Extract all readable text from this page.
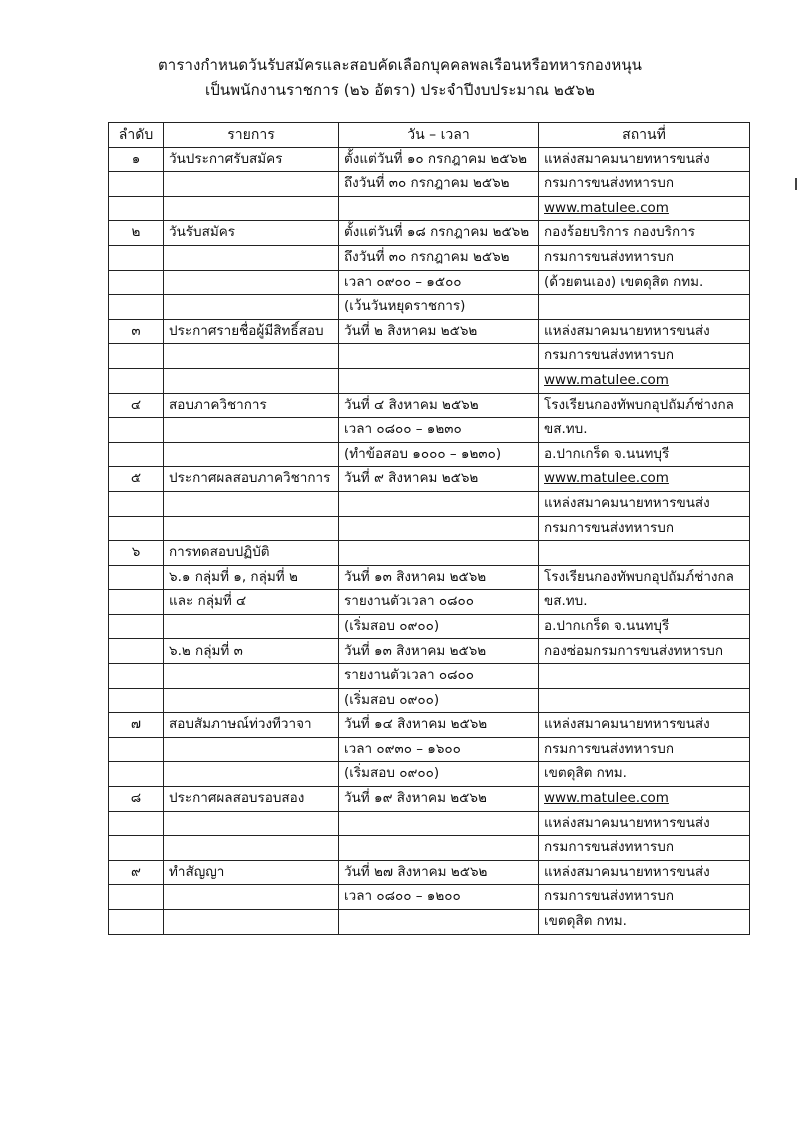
ตารางกำหนดวันรับสมัครและสอบคัดเลือกบุคคลพลเรือนหรือทหารกองหนุน
เป็นพนักงานราชการ (๒๖ อัตรา) ประจำปีงบประมาณ ๒๕๖๒
ลำดับ	รายการ	วัน – เวลา	สถานที่
๑	วันประกาศรับสมัคร	ตั้งแต่วันที่ ๑๐ กรกฎาคม ๒๕๖๒	แหล่งสมาคมนายทหารขนส่ง
		ถึงวันที่ ๓๐ กรกฎาคม ๒๕๖๒	กรมการขนส่งทหารบก
			www.matulee.com
๒	วันรับสมัคร	ตั้งแต่วันที่ ๑๘ กรกฎาคม ๒๕๖๒	กองร้อยบริการ กองบริการ
		ถึงวันที่ ๓๐ กรกฎาคม ๒๕๖๒	กรมการขนส่งทหารบก
		เวลา ๐๙๐๐ – ๑๕๐๐	(ด้วยตนเอง) เขตดุสิต กทม.
		(เว้นวันหยุดราชการ)	
๓	ประกาศรายชื่อผู้มีสิทธิ์สอบ	วันที่ ๒ สิงหาคม ๒๕๖๒	แหล่งสมาคมนายทหารขนส่ง
			กรมการขนส่งทหารบก
			www.matulee.com
๔	สอบภาควิชาการ	วันที่ ๔ สิงหาคม ๒๕๖๒	โรงเรียนกองทัพบกอุปถัมภ์ช่างกล
		เวลา ๐๘๐๐ – ๑๒๓๐	ขส.ทบ.
		(ทำข้อสอบ ๑๐๐๐ – ๑๒๓๐)	อ.ปากเกร็ด จ.นนทบุรี
๕	ประกาศผลสอบภาควิชาการ	วันที่ ๙ สิงหาคม ๒๕๖๒	www.matulee.com
			แหล่งสมาคมนายทหารขนส่ง
			กรมการขนส่งทหารบก
๖	การทดสอบปฏิบัติ		
	๖.๑ กลุ่มที่ ๑, กลุ่มที่ ๒	วันที่ ๑๓ สิงหาคม ๒๕๖๒	โรงเรียนกองทัพบกอุปถัมภ์ช่างกล
	และ กลุ่มที่ ๔	รายงานตัวเวลา ๐๘๐๐	ขส.ทบ.
		(เริ่มสอบ ๐๙๐๐)	อ.ปากเกร็ด จ.นนทบุรี
	๖.๒ กลุ่มที่ ๓	วันที่ ๑๓ สิงหาคม ๒๕๖๒	กองซ่อมกรมการขนส่งทหารบก
		รายงานตัวเวลา ๐๘๐๐	
		(เริ่มสอบ ๐๙๐๐)	
๗	สอบสัมภาษณ์ท่วงทีวาจา	วันที่ ๑๔ สิงหาคม ๒๕๖๒	แหล่งสมาคมนายทหารขนส่ง
		เวลา ๐๙๓๐ – ๑๖๐๐	กรมการขนส่งทหารบก
		(เริ่มสอบ ๐๙๐๐)	เขตดุสิต กทม.
๘	ประกาศผลสอบรอบสอง	วันที่ ๑๙ สิงหาคม ๒๕๖๒	www.matulee.com
			แหล่งสมาคมนายทหารขนส่ง
			กรมการขนส่งทหารบก
๙	ทำสัญญา	วันที่ ๒๗ สิงหาคม ๒๕๖๒	แหล่งสมาคมนายทหารขนส่ง
		เวลา ๐๘๐๐ – ๑๒๐๐	กรมการขนส่งทหารบก
			เขตดุสิต กทม.
